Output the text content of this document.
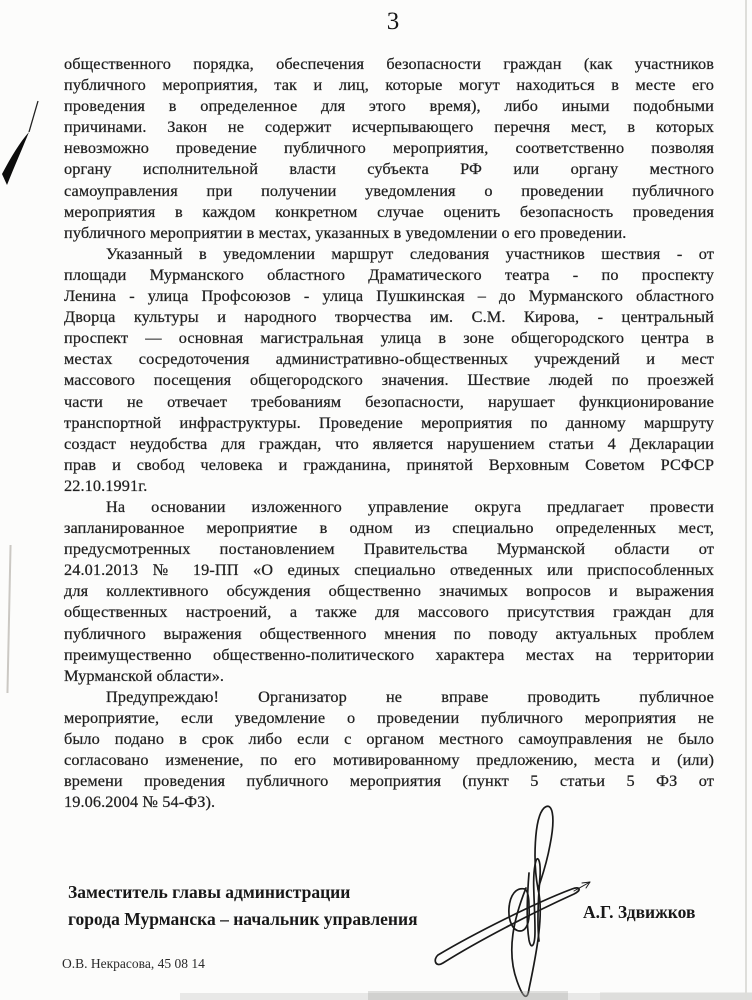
3
общественного порядка, обеспечения безопасности граждан (как участников
публичного мероприятия, так и лиц, которые могут находиться в месте его
проведения в определенное для этого время), либо иными подобными
причинами. Закон не содержит исчерпывающего перечня мест, в которых
невозможно проведение публичного мероприятия, соответственно позволяя
органу исполнительной власти субъекта РФ или органу местного
самоуправления при получении уведомления о проведении публичного
мероприятия в каждом конкретном случае оценить безопасность проведения
публичного мероприятии в местах, указанных в уведомлении о его проведении.
Указанный в уведомлении маршрут следования участников шествия - от
площади Мурманского областного Драматического театра - по проспекту
Ленина - улица Профсоюзов - улица Пушкинская – до Мурманского областного
Дворца культуры и народного творчества им. С.М. Кирова, - центральный
проспект — основная магистральная улица в зоне общегородского центра в
местах сосредоточения административно-общественных учреждений и мест
массового посещения общегородского значения. Шествие людей по проезжей
части не отвечает требованиям безопасности, нарушает функционирование
транспортной инфраструктуры. Проведение мероприятия по данному маршруту
создаст неудобства для граждан, что является нарушением статьи 4 Декларации
прав и свобод человека и гражданина, принятой Верховным Советом РСФСР
22.10.1991г.
На основании изложенного управление округа предлагает провести
запланированное мероприятие в одном из специально определенных мест,
предусмотренных постановлением Правительства Мурманской области от
24.01.2013 № 19-ПП «О единых специально отведенных или приспособленных
для коллективного обсуждения общественно значимых вопросов и выражения
общественных настроений, а также для массового присутствия граждан для
публичного выражения общественного мнения по поводу актуальных проблем
преимущественно общественно-политического характера местах на территории
Мурманской области».
Предупреждаю! Организатор не вправе проводить публичное
мероприятие, если уведомление о проведении публичного мероприятия не
было подано в срок либо если с органом местного самоуправления не было
согласовано изменение, по его мотивированному предложению, места и (или)
времени проведения публичного мероприятия (пункт 5 статьи 5 ФЗ от
19.06.2004 № 54-ФЗ).
Заместитель главы администрации
города Мурманска – начальник управления	А.Г. Здвижков
О.В. Некрасова, 45 08 14
